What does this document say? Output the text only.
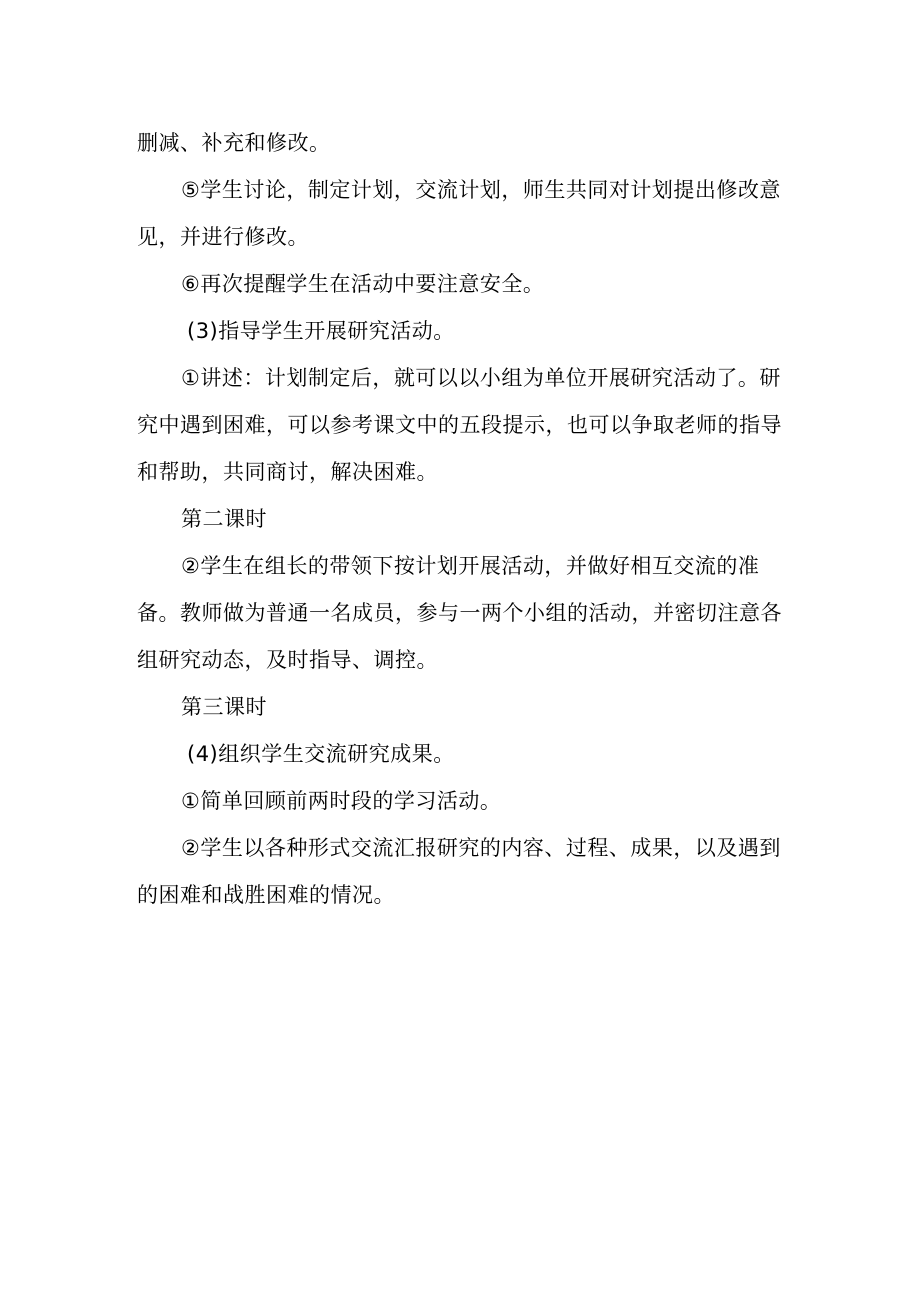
删减、补充和修改。

⑤学生讨论，制定计划，交流计划，师生共同对计划提出修改意见，并进行修改。

⑥再次提醒学生在活动中要注意安全。

(3)指导学生开展研究活动。

①讲述：计划制定后，就可以以小组为单位开展研究活动了。研究中遇到困难，可以参考课文中的五段提示，也可以争取老师的指导和帮助，共同商讨，解决困难。

第二课时

②学生在组长的带领下按计划开展活动，并做好相互交流的准备。教师做为普通一名成员，参与一两个小组的活动，并密切注意各组研究动态，及时指导、调控。

第三课时

(4)组织学生交流研究成果。

①简单回顾前两时段的学习活动。

②学生以各种形式交流汇报研究的内容、过程、成果，以及遇到的困难和战胜困难的情况。
